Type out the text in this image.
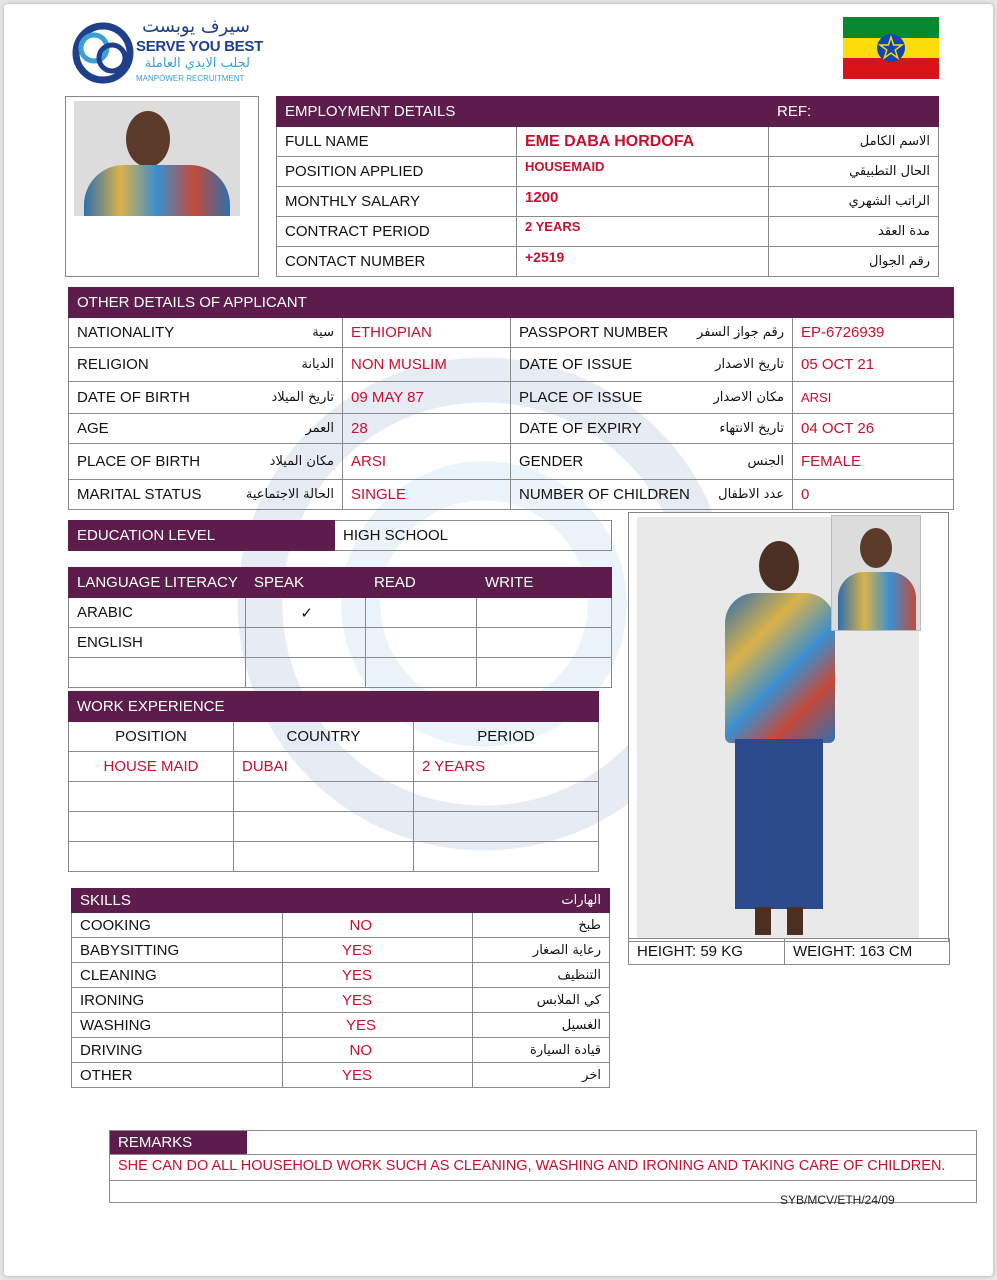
سيرف يوبست
SERVE YOU BEST
لجلب الايدي العاملة
MANPOWER RECRUITMENT
EMPLOYMENT DETAILS		REF:
FULL NAME	EME DABA HORDOFA	الاسم الكامل
POSITION APPLIED	HOUSEMAID	الحال التطبيقي
MONTHLY SALARY	1200	الراتب الشهري
CONTRACT PERIOD	2 YEARS	مدة العقد
CONTACT NUMBER	+2519	رقم الجوال
OTHER DETAILS OF APPLICANT			

NATIONALITY سية	ETHIOPIAN	PASSPORT NUMBER رقم جواز السفر	EP-6726939

RELIGION الديانة	NON MUSLIM	DATE OF ISSUE تاريخ الاصدار	05 OCT 21

DATE OF BIRTH تاريخ الميلاد	09 MAY 87	PLACE OF ISSUE مكان الاصدار	ARSI

AGE العمر	28	DATE OF EXPIRY تاريخ الانتهاء	04 OCT 26

PLACE OF BIRTH مكان الميلاد	ARSI	GENDER الجنس	FEMALE

MARITAL STATUS الحالة الاجتماعية	SINGLE	NUMBER OF CHILDREN عدد الاطفال	0
EDUCATION LEVEL	HIGH SCHOOL
LANGUAGE LITERACY	SPEAK	READ	WRITE
ARABIC	✓		
ENGLISH			

WORK EXPERIENCE		
POSITION	COUNTRY	PERIOD
HOUSE MAID	DUBAI	2 YEARS

SKILLS		الهارات
COOKING	NO	طبخ
BABYSITTING	YES	رعاية الصغار
CLEANING	YES	التنظيف
IRONING	YES	كي الملابس
WASHING	YES	الغسيل
DRIVING	NO	قيادة السيارة
OTHER	YES	اخر
HEIGHT: 59 KG	WEIGHT: 163 CM
REMARKS
SHE CAN DO ALL HOUSEHOLD WORK SUCH AS CLEANING, WASHING AND IRONING AND TAKING CARE OF CHILDREN.
SYB/MCV/ETH/24/09
